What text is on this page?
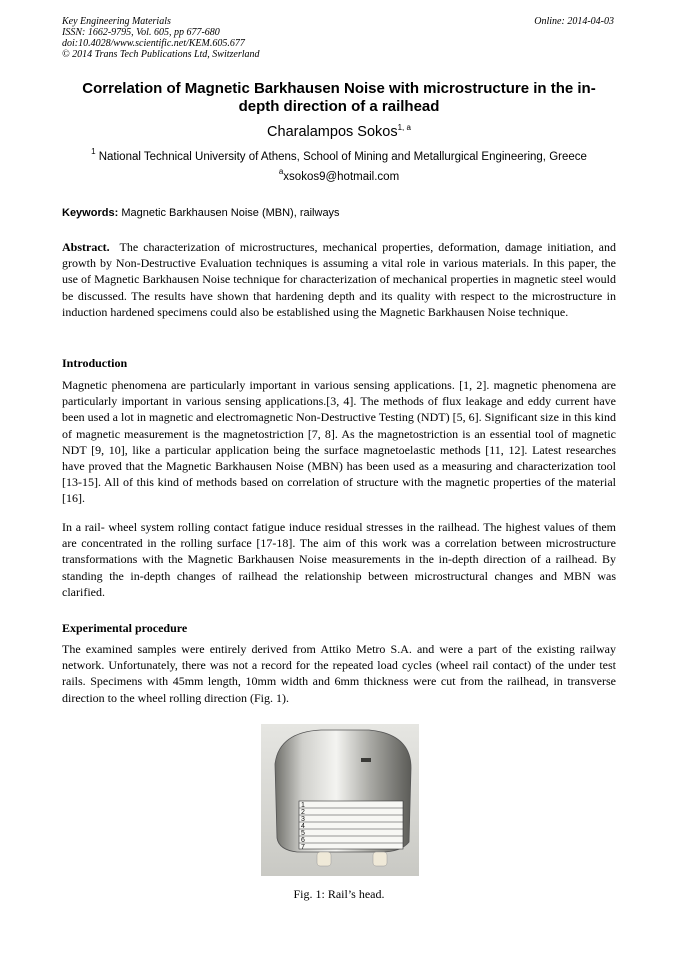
Key Engineering Materials
ISSN: 1662-9795, Vol. 605, pp 677-680
doi:10.4028/www.scientific.net/KEM.605.677
© 2014 Trans Tech Publications Ltd, Switzerland
Online: 2014-04-03
Correlation of Magnetic Barkhausen Noise with microstructure in the in-depth direction of a railhead
Charalampos Sokos$^{1, a}$
$^1$ National Technical University of Athens, School of Mining and Metallurgical Engineering, Greece
$^a$xsokos9@hotmail.com
Keywords: Magnetic Barkhausen Noise (MBN), railways
Abstract. The characterization of microstructures, mechanical properties, deformation, damage initiation, and growth by Non-Destructive Evaluation techniques is assuming a vital role in various materials. In this paper, the use of Magnetic Barkhausen Noise technique for characterization of mechanical properties in magnetic steel would be discussed. The results have shown that hardening depth and its quality with respect to the microstructure in induction hardened specimens could also be established using the Magnetic Barkhausen Noise technique.
Introduction
Magnetic phenomena are particularly important in various sensing applications. [1, 2]. magnetic phenomena are particularly important in various sensing applications.[3, 4]. The methods of flux leakage and eddy current have been used a lot in magnetic and electromagnetic Non-Destructive Testing (NDT) [5, 6]. Significant size in this kind of magnetic measurement is the magnetostriction [7, 8]. As the magnetostriction is an essential tool of magnetic NDT [9, 10], like a particular application being the surface magnetoelastic methods [11, 12]. Latest researches have proved that the Magnetic Barkhausen Noise (MBN) has been used as a measuring and characterization tool [13-15]. All of this kind of methods based on correlation of structure with the magnetic properties of the material [16].
In a rail- wheel system rolling contact fatigue induce residual stresses in the railhead. The highest values of them are concentrated in the rolling surface [17-18]. The aim of this work was a correlation between microstructure transformations with the Magnetic Barkhausen Noise measurements in the in-depth direction of a railhead. By standing the in-depth changes of railhead the relationship between microstructural changes and MBN was clarified.
Experimental procedure
The examined samples were entirely derived from Attiko Metro S.A. and were a part of the existing railway network. Unfortunately, there was not a record for the repeated load cycles (wheel rail contact) of the under test rails. Specimens with 45mm length, 10mm width and 6mm thickness were cut from the railhead, in transverse direction to the wheel rolling direction (Fig. 1).
1
2
3
4
5
6
7
Fig. 1: Rail’s head.
